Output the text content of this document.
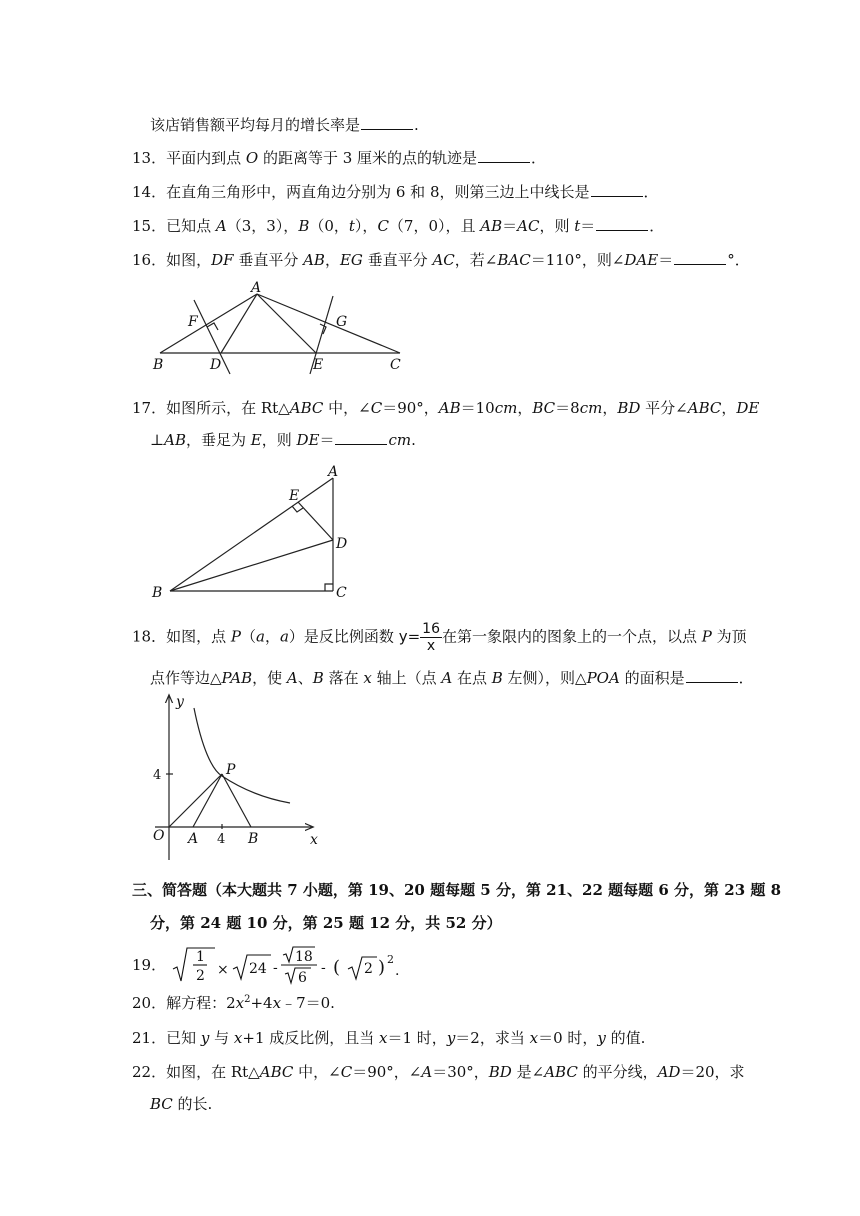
该店销售额平均每月的增长率是	.
13．平面内到点 O 的距离等于 3 厘米的点的轨迹是	．
14．在直角三角形中，两直角边分别为 6 和 8，则第三边上中线长是	．
15．已知点 A（3，3），B（0，t），C（7，0），且 AB＝AC，则 t＝	．
16．如图，DF 垂直平分 AB，EG 垂直平分 AC，若∠BAC＝110°，则∠DAE＝	°．
A
F	G
B	D	E	C
17．如图所示，在 Rt△ABC 中，∠C＝90°，AB＝10cm，BC＝8cm，BD 平分∠ABC，DE
⊥AB，垂足为 E，则 DE＝	cm.
A
E
D
B	C
18．如图，点 P（a，a）是反比例函数 $y= \frac{16}{x}$ 在第一象限内的图象上的一个点，以点 P 为顶
点作等边△PAB，使 A、B 落在 x 轴上（点 A 在点 B 左侧），则△POA 的面积是	．
y
x
P
O A	B
4
4
三、简答题（本大题共 7 小题，第 19、20 题每题 5 分，第 21、22 题每题 6 分，第 23 题 8
分，第 24 题 10 分，第 25 题 12 分，共 52 分）
19． 1
2 × 24 -
18
6
- ( 2 ) 2
.
20．解方程：$2x^2+4x﹣7=0$.
21．已知 y 与 x+1 成反比例，且当 x＝1 时，y＝2，求当 x＝0 时，y 的值.
22．如图，在 Rt△ABC 中，∠C＝90°，∠A＝30°，BD 是∠ABC 的平分线，AD＝20，求
BC 的长.
